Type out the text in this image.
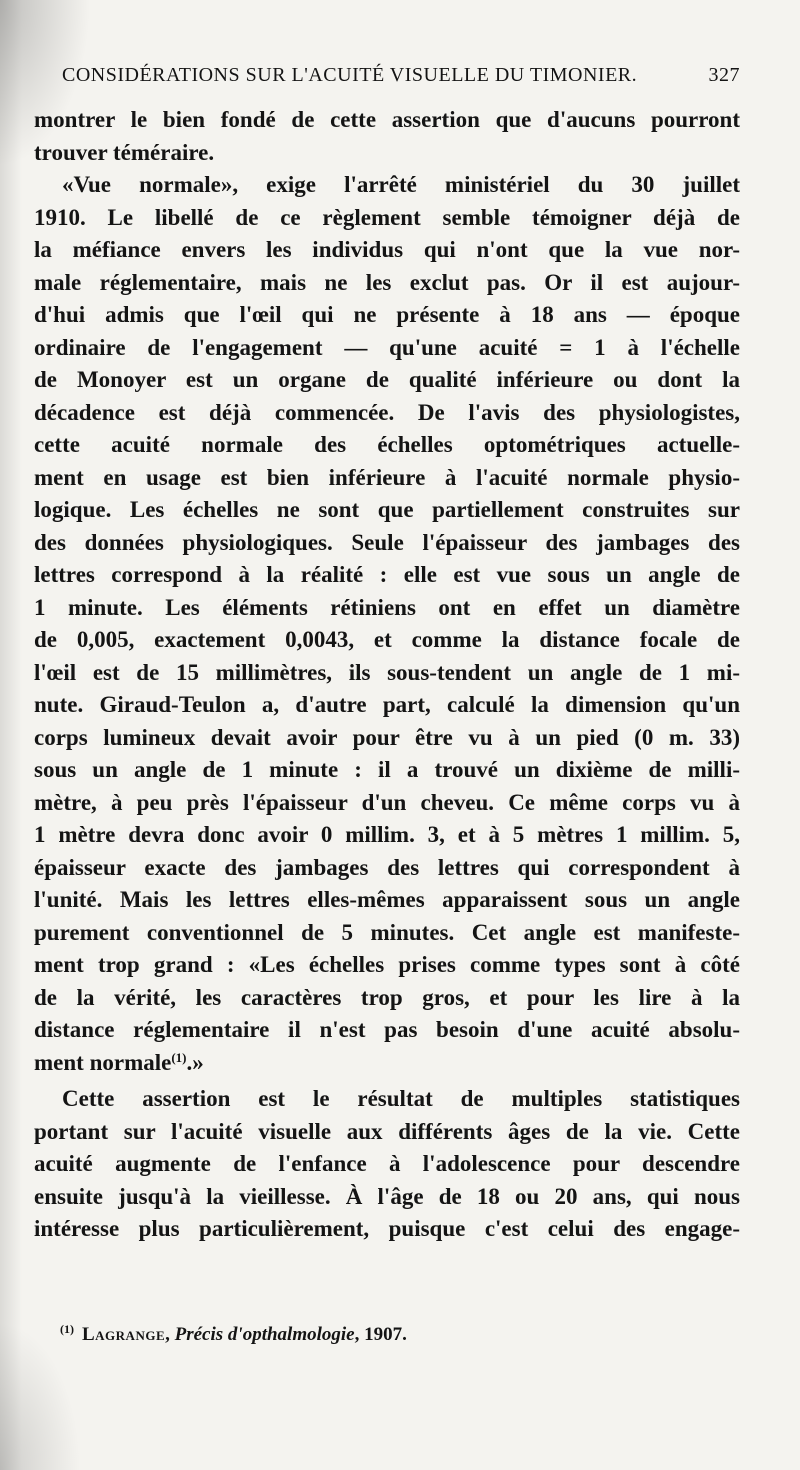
CONSIDÉRATIONS SUR L'ACUITÉ VISUELLE DU TIMONIER.	327
montrer le bien fondé de cette assertion que d'aucuns pourront
trouver téméraire.
«Vue normale», exige l'arrêté ministériel du 30 juillet
1910. Le libellé de ce règlement semble témoigner déjà de
la méfiance envers les individus qui n'ont que la vue nor-
male réglementaire, mais ne les exclut pas. Or il est aujour-
d'hui admis que l'œil qui ne présente à 18 ans — époque
ordinaire de l'engagement — qu'une acuité = 1 à l'échelle
de Monoyer est un organe de qualité inférieure ou dont la
décadence est déjà commencée. De l'avis des physiologistes,
cette acuité normale des échelles optométriques actuelle-
ment en usage est bien inférieure à l'acuité normale physio-
logique. Les échelles ne sont que partiellement construites sur
des données physiologiques. Seule l'épaisseur des jambages des
lettres correspond à la réalité : elle est vue sous un angle de
1 minute. Les éléments rétiniens ont en effet un diamètre
de 0,005, exactement 0,0043, et comme la distance focale de
l'œil est de 15 millimètres, ils sous-tendent un angle de 1 mi-
nute. Giraud-Teulon a, d'autre part, calculé la dimension qu'un
corps lumineux devait avoir pour être vu à un pied (0 m. 33)
sous un angle de 1 minute : il a trouvé un dixième de milli-
mètre, à peu près l'épaisseur d'un cheveu. Ce même corps vu à
1 mètre devra donc avoir 0 millim. 3, et à 5 mètres 1 millim. 5,
épaisseur exacte des jambages des lettres qui correspondent à
l'unité. Mais les lettres elles-mêmes apparaissent sous un angle
purement conventionnel de 5 minutes. Cet angle est manifeste-
ment trop grand : «Les échelles prises comme types sont à côté
de la vérité, les caractères trop gros, et pour les lire à la
distance réglementaire il n'est pas besoin d'une acuité absolu-
ment normale$^{(1)}$.»
Cette assertion est le résultat de multiples statistiques
portant sur l'acuité visuelle aux différents âges de la vie. Cette
acuité augmente de l'enfance à l'adolescence pour descendre
ensuite jusqu'à la vieillesse. À l'âge de 18 ou 20 ans, qui nous
intéresse plus particulièrement, puisque c'est celui des engage-
$^{(1)}$ Lagrange, Précis d'opthalmologie, 1907.
